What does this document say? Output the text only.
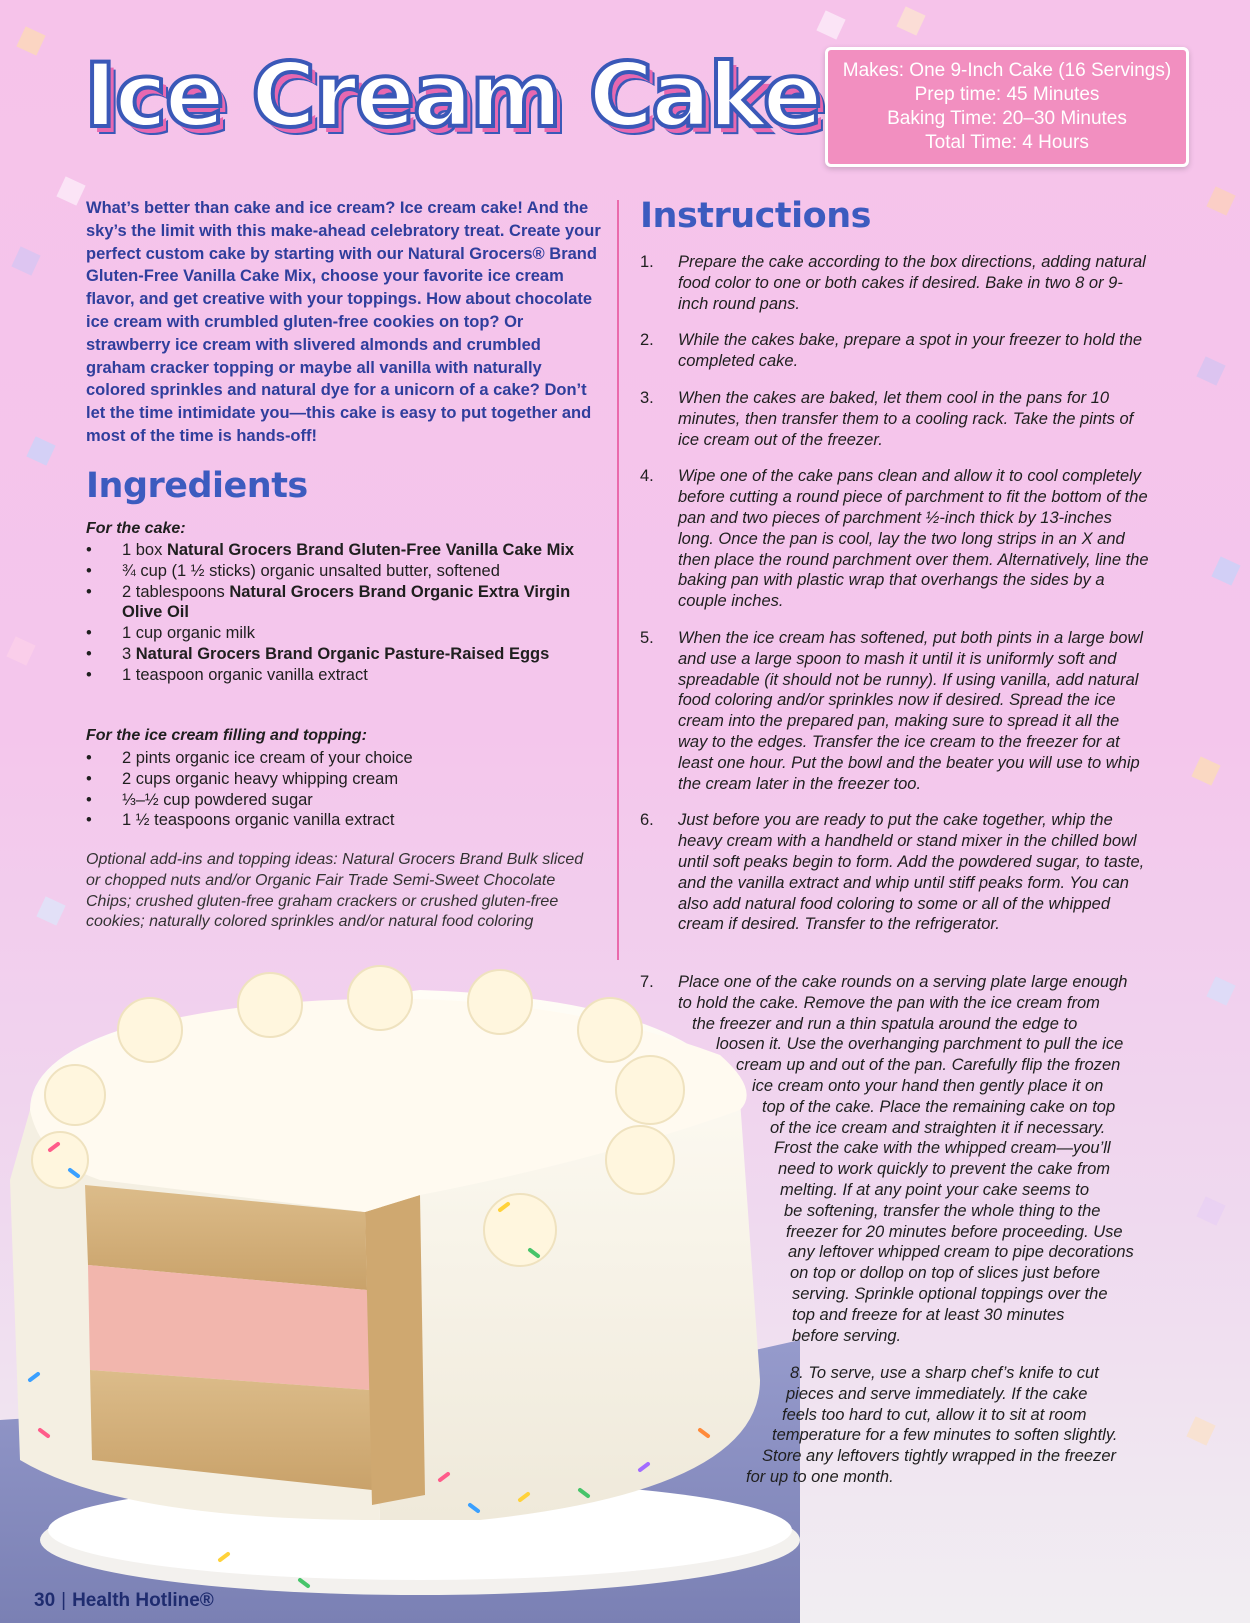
Ice Cream Cake	Makes: One 9-Inch Cake (16 Servings)
Prep time: 45 Minutes
Baking Time: 20–30 Minutes
Total Time: 4 Hours

What’s better than cake and ice cream? Ice cream cake! And the sky’s the limit with this make-ahead celebratory treat. Create your perfect custom cake by starting with our Natural Grocers® Brand Gluten-Free Vanilla Cake Mix, choose your favorite ice cream flavor, and get creative with your toppings. How about chocolate ice cream with crumbled gluten-free cookies on top? Or strawberry ice cream with slivered almonds and crumbled graham cracker topping or maybe all vanilla with naturally colored sprinkles and natural dye for a unicorn of a cake? Don’t let the time intimidate you—this cake is easy to put together and most of the time is hands-off!

Ingredients

For the cake:

• 1 box Natural Grocers Brand Gluten-Free Vanilla Cake Mix
• ¾ cup (1 ½ sticks) organic unsalted butter, softened
• 2 tablespoons Natural Grocers Brand Organic Extra Virgin Olive Oil
• 1 cup organic milk
• 3 Natural Grocers Brand Organic Pasture-Raised Eggs
• 1 teaspoon organic vanilla extract

For the ice cream filling and topping:

• 2 pints organic ice cream of your choice
• 2 cups organic heavy whipping cream
• ⅓–½ cup powdered sugar
• 1 ½ teaspoons organic vanilla extract

Optional add-ins and topping ideas: Natural Grocers Brand Bulk sliced or chopped nuts and/or Organic Fair Trade Semi-Sweet Chocolate Chips; crushed gluten-free graham crackers or crushed gluten-free cookies; naturally colored sprinkles and/or natural food coloring

Instructions
1. Prepare the cake according to the box directions, adding natural food color to one or both cakes if desired. Bake in two 8 or 9-inch round pans.
2. While the cakes bake, prepare a spot in your freezer to hold the completed cake.
3. When the cakes are baked, let them cool in the pans for 10 minutes, then transfer them to a cooling rack. Take the pints of ice cream out of the freezer.
4. Wipe one of the cake pans clean and allow it to cool completely before cutting a round piece of parchment to fit the bottom of the pan and two pieces of parchment ½-inch thick by 13-inches long. Once the pan is cool, lay the two long strips in an X and then place the round parchment over them. Alternatively, line the baking pan with plastic wrap that overhangs the sides by a couple inches.
5. When the ice cream has softened, put both pints in a large bowl and use a large spoon to mash it until it is uniformly soft and spreadable (it should not be runny). If using vanilla, add natural food coloring and/or sprinkles now if desired. Spread the ice cream into the prepared pan, making sure to spread it all the way to the edges. Transfer the ice cream to the freezer for at least one hour. Put the bowl and the beater you will use to whip the cream later in the freezer too.
6. Just before you are ready to put the cake together, whip the heavy cream with a handheld or stand mixer in the chilled bowl until soft peaks begin to form. Add the powdered sugar, to taste, and the vanilla extract and whip until stiff peaks form. You can also add natural food coloring to some or all of the whipped cream if desired. Transfer to the refrigerator.
7. Place one of the cake rounds on a serving plate large enough
to hold the cake. Remove the pan with the ice cream from
the freezer and run a thin spatula around the edge to
loosen it. Use the overhanging parchment to pull the ice
cream up and out of the pan. Carefully flip the frozen
ice cream onto your hand then gently place it on
top of the cake. Place the remaining cake on top
of the ice cream and straighten it if necessary.
Frost the cake with the whipped cream—you’ll
need to work quickly to prevent the cake from
melting. If at any point your cake seems to
be softening, transfer the whole thing to the
freezer for 20 minutes before proceeding. Use
any leftover whipped cream to pipe decorations
on top or dollop on top of slices just before
serving. Sprinkle optional toppings over the
top and freeze for at least 30 minutes
before serving.
8. To serve, use a sharp chef’s knife to cut
pieces and serve immediately. If the cake
feels too hard to cut, allow it to sit at room
temperature for a few minutes to soften slightly.
Store any leftovers tightly wrapped in the freezer
for up to one month.
30 | Health Hotline®
